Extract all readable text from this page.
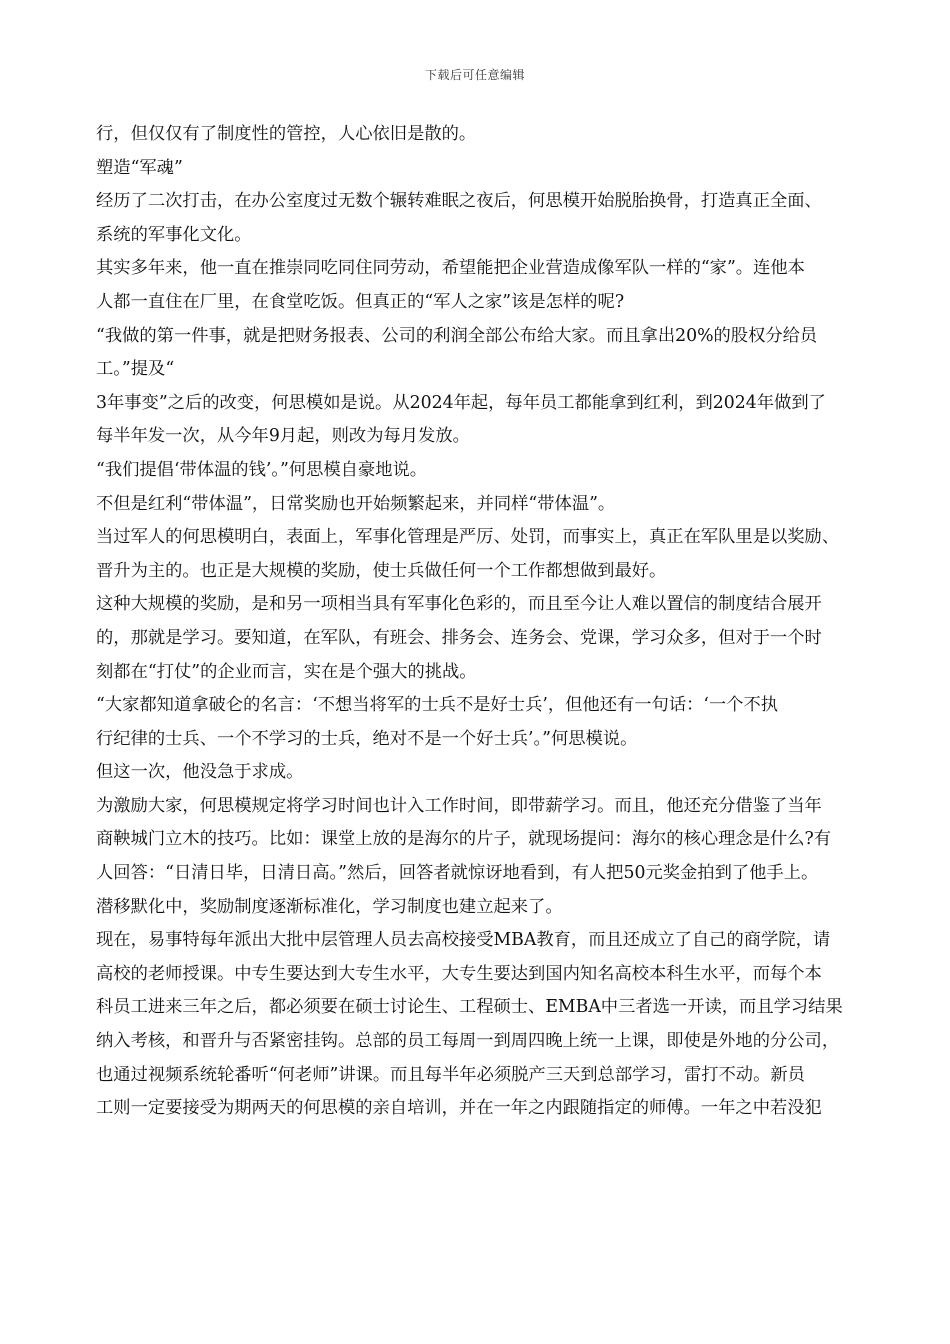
下载后可任意编辑
行，但仅仅有了制度性的管控，人心依旧是散的。
塑造“军魂”
经历了二次打击，在办公室度过无数个辗转难眠之夜后，何思模开始脱胎换骨，打造真正全面、
系统的军事化文化。
其实多年来，他一直在推崇同吃同住同劳动，希望能把企业营造成像军队一样的“家”。连他本
人都一直住在厂里，在食堂吃饭。但真正的“军人之家”该是怎样的呢?
“我做的第一件事，就是把财务报表、公司的利润全部公布给大家。而且拿出20%的股权分给员
工。”提及“
3年事变”之后的改变，何思模如是说。从2024年起，每年员工都能拿到红利，到2024年做到了
每半年发一次，从今年9月起，则改为每月发放。
“我们提倡‘带体温的钱’。”何思模自豪地说。
不但是红利“带体温”，日常奖励也开始频繁起来，并同样“带体温”。
当过军人的何思模明白，表面上，军事化管理是严厉、处罚，而事实上，真正在军队里是以奖励、
晋升为主的。也正是大规模的奖励，使士兵做任何一个工作都想做到最好。
这种大规模的奖励，是和另一项相当具有军事化色彩的，而且至今让人难以置信的制度结合展开
的，那就是学习。要知道，在军队，有班会、排务会、连务会、党课，学习众多，但对于一个时
刻都在“打仗”的企业而言，实在是个强大的挑战。
“大家都知道拿破仑的名言：‘不想当将军的士兵不是好士兵’，但他还有一句话：‘一个不执
行纪律的士兵、一个不学习的士兵，绝对不是一个好士兵’。”何思模说。
但这一次，他没急于求成。
为激励大家，何思模规定将学习时间也计入工作时间，即带薪学习。而且，他还充分借鉴了当年
商鞅城门立木的技巧。比如：课堂上放的是海尔的片子，就现场提问：海尔的核心理念是什么?有
人回答：“日清日毕，日清日高。”然后，回答者就惊讶地看到，有人把50元奖金拍到了他手上。
潜移默化中，奖励制度逐渐标准化，学习制度也建立起来了。
现在，易事特每年派出大批中层管理人员去高校接受MBA教育，而且还成立了自己的商学院，请
高校的老师授课。中专生要达到大专生水平，大专生要达到国内知名高校本科生水平，而每个本
科员工进来三年之后，都必须要在硕士讨论生、工程硕士、EMBA中三者选一开读，而且学习结果
纳入考核，和晋升与否紧密挂钩。总部的员工每周一到周四晚上统一上课，即使是外地的分公司，
也通过视频系统轮番听“何老师”讲课。而且每半年必须脱产三天到总部学习，雷打不动。新员
工则一定要接受为期两天的何思模的亲自培训，并在一年之内跟随指定的师傅。一年之中若没犯
